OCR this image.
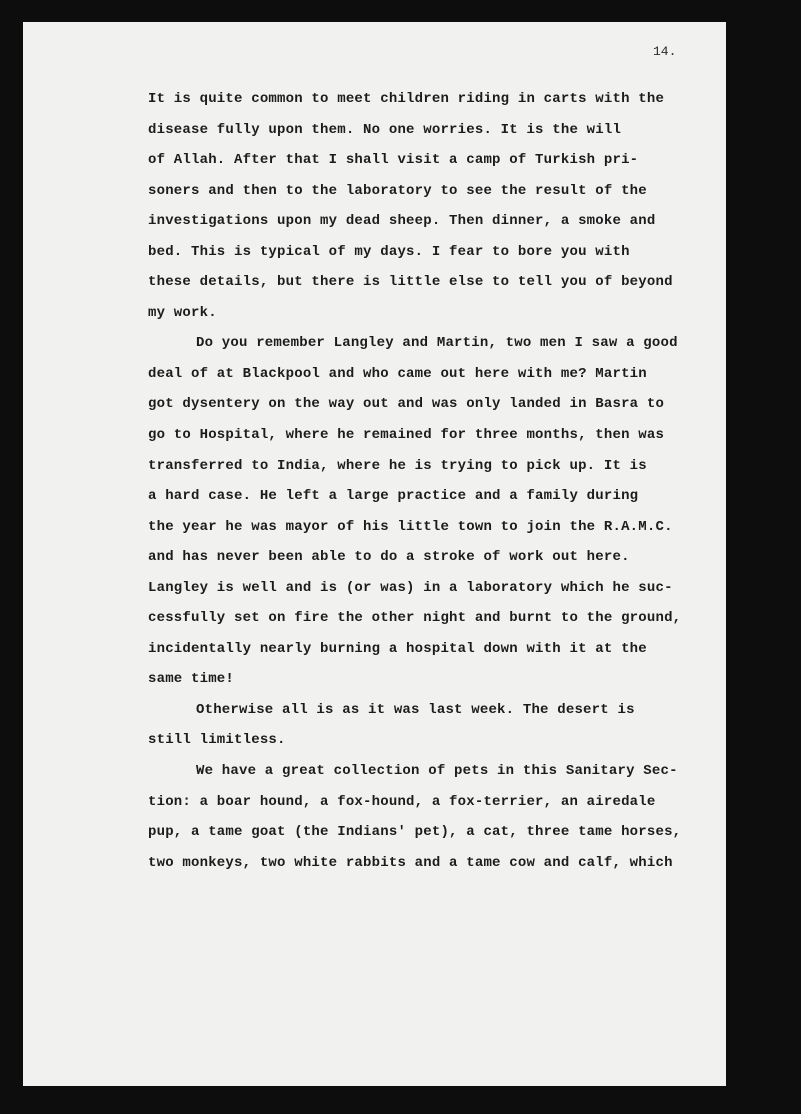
14.
It is quite common to meet children riding in carts with the
disease fully upon them. No one worries. It is the will
of Allah. After that I shall visit a camp of Turkish pri-
soners and then to the laboratory to see the result of the
investigations upon my dead sheep. Then dinner, a smoke and
bed. This is typical of my days. I fear to bore you with
these details, but there is little else to tell you of beyond
my work.
Do you remember Langley and Martin, two men I saw a good
deal of at Blackpool and who came out here with me? Martin
got dysentery on the way out and was only landed in Basra to
go to Hospital, where he remained for three months, then was
transferred to India, where he is trying to pick up. It is
a hard case. He left a large practice and a family during
the year he was mayor of his little town to join the R.A.M.C.
and has never been able to do a stroke of work out here.
Langley is well and is (or was) in a laboratory which he suc-
cessfully set on fire the other night and burnt to the ground,
incidentally nearly burning a hospital down with it at the
same time!
Otherwise all is as it was last week. The desert is
still limitless.
We have a great collection of pets in this Sanitary Sec-
tion: a boar hound, a fox-hound, a fox-terrier, an airedale
pup, a tame goat (the Indians' pet), a cat, three tame horses,
two monkeys, two white rabbits and a tame cow and calf, which
